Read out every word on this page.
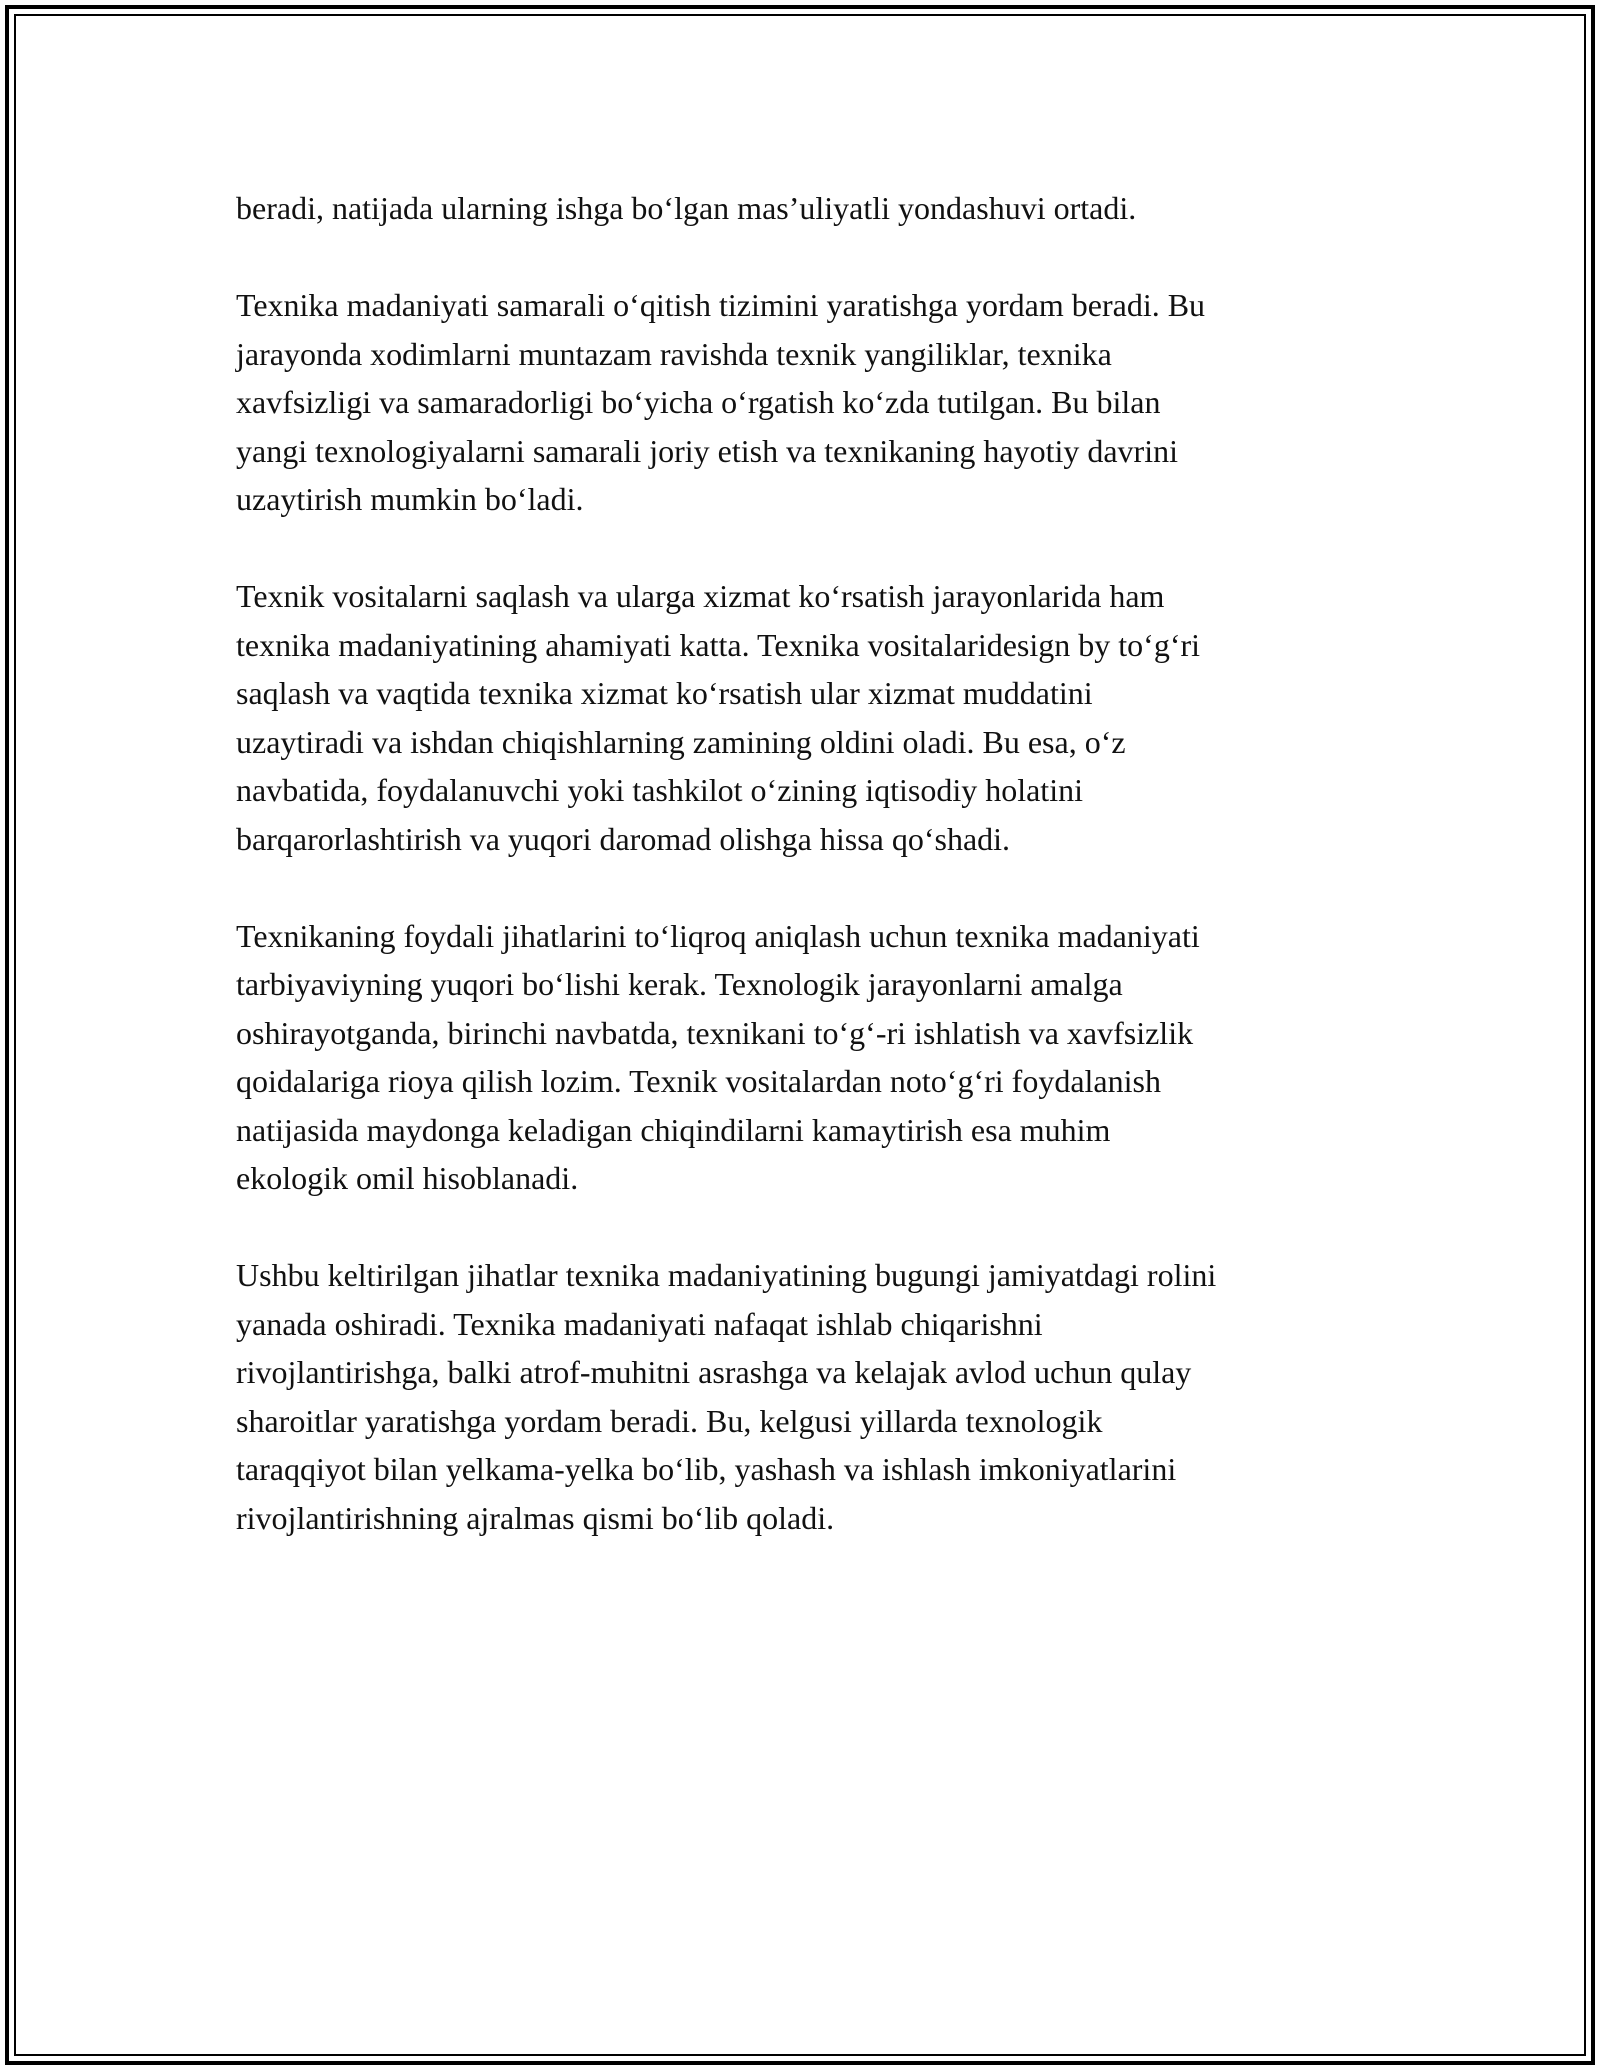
beradi, natijada ularning ishga bo‘lgan mas’uliyatli yondashuvi ortadi.

Texnika madaniyati samarali o‘qitish tizimini yaratishga yordam beradi. Bu
jarayonda xodimlarni muntazam ravishda texnik yangiliklar, texnika
xavfsizligi va samaradorligi bo‘yicha o‘rgatish ko‘zda tutilgan. Bu bilan
yangi texnologiyalarni samarali joriy etish va texnikaning hayotiy davrini
uzaytirish mumkin bo‘ladi.

Texnik vositalarni saqlash va ularga xizmat ko‘rsatish jarayonlarida ham
texnika madaniyatining ahamiyati katta. Texnika vositalaridesign by to‘g‘ri
saqlash va vaqtida texnika xizmat ko‘rsatish ular xizmat muddatini
uzaytiradi va ishdan chiqishlarning zamining oldini oladi. Bu esa, o‘z
navbatida, foydalanuvchi yoki tashkilot o‘zining iqtisodiy holatini
barqarorlashtirish va yuqori daromad olishga hissa qo‘shadi.

Texnikaning foydali jihatlarini to‘liqroq aniqlash uchun texnika madaniyati
tarbiyaviyning yuqori bo‘lishi kerak. Texnologik jarayonlarni amalga
oshirayotganda, birinchi navbatda, texnikani to‘g‘-ri ishlatish va xavfsizlik
qoidalariga rioya qilish lozim. Texnik vositalardan noto‘g‘ri foydalanish
natijasida maydonga keladigan chiqindilarni kamaytirish esa muhim
ekologik omil hisoblanadi.

Ushbu keltirilgan jihatlar texnika madaniyatining bugungi jamiyatdagi rolini
yanada oshiradi. Texnika madaniyati nafaqat ishlab chiqarishni
rivojlantirishga, balki atrof-muhitni asrashga va kelajak avlod uchun qulay
sharoitlar yaratishga yordam beradi. Bu, kelgusi yillarda texnologik
taraqqiyot bilan yelkama-yelka bo‘lib, yashash va ishlash imkoniyatlarini
rivojlantirishning ajralmas qismi bo‘lib qoladi.
